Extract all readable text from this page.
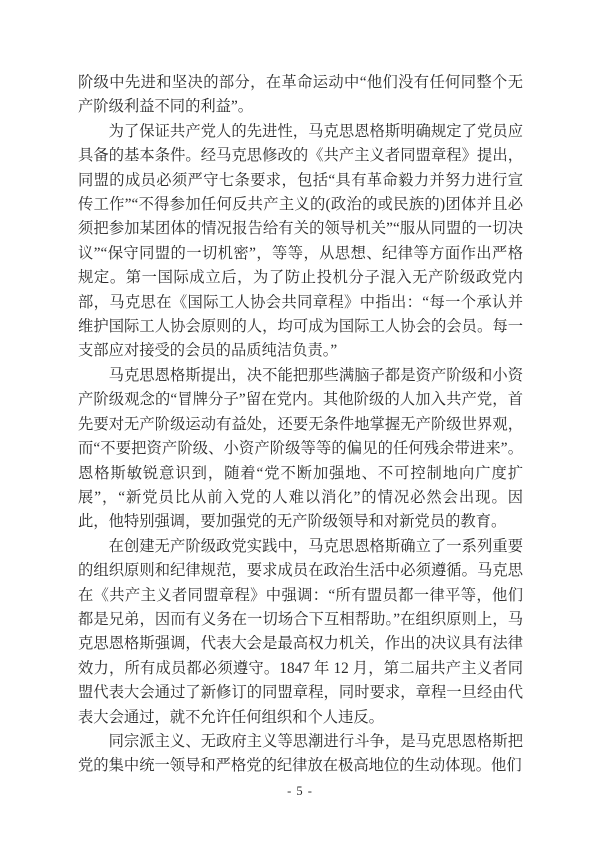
阶级中先进和坚决的部分，在革命运动中“他们没有任何同整个无产阶级利益不同的利益”。

为了保证共产党人的先进性，马克思恩格斯明确规定了党员应具备的基本条件。经马克思修改的《共产主义者同盟章程》提出，同盟的成员必须严守七条要求，包括“具有革命毅力并努力进行宣传工作”“不得参加任何反共产主义的(政治的或民族的)团体并且必须把参加某团体的情况报告给有关的领导机关”“服从同盟的一切决议”“保守同盟的一切机密”，等等，从思想、纪律等方面作出严格规定。第一国际成立后，为了防止投机分子混入无产阶级政党内部，马克思在《国际工人协会共同章程》中指出：“每一个承认并维护国际工人协会原则的人，均可成为国际工人协会的会员。每一支部应对接受的会员的品质纯洁负责。”

马克思恩格斯提出，决不能把那些满脑子都是资产阶级和小资产阶级观念的“冒牌分子”留在党内。其他阶级的人加入共产党，首先要对无产阶级运动有益处，还要无条件地掌握无产阶级世界观，而“不要把资产阶级、小资产阶级等等的偏见的任何残余带进来”。恩格斯敏锐意识到，随着“党不断加强地、不可控制地向广度扩展”，“新党员比从前入党的人难以消化”的情况必然会出现。因此，他特别强调，要加强党的无产阶级领导和对新党员的教育。

在创建无产阶级政党实践中，马克思恩格斯确立了一系列重要的组织原则和纪律规范，要求成员在政治生活中必须遵循。马克思在《共产主义者同盟章程》中强调：“所有盟员都一律平等，他们都是兄弟，因而有义务在一切场合下互相帮助。”在组织原则上，马克思恩格斯强调，代表大会是最高权力机关，作出的决议具有法律效力，所有成员都必须遵守。1847 年 12 月，第二届共产主义者同盟代表大会通过了新修订的同盟章程，同时要求，章程一旦经由代表大会通过，就不允许任何组织和个人违反。

同宗派主义、无政府主义等思潮进行斗争，是马克思恩格斯把党的集中统一领导和严格党的纪律放在极高地位的生动体现。他们

- 5 -
